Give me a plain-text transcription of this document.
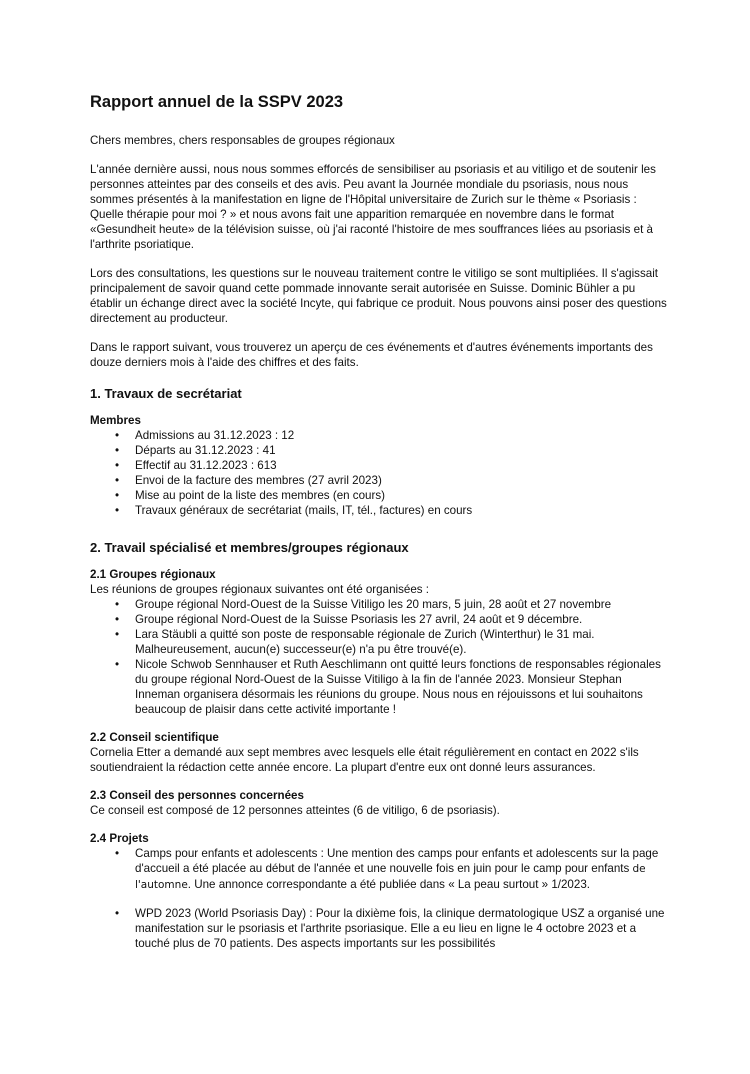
Rapport annuel de la SSPV 2023

Chers membres, chers responsables de groupes régionaux

L'année dernière aussi, nous nous sommes efforcés de sensibiliser au psoriasis et au vitiligo et de soutenir les personnes atteintes par des conseils et des avis. Peu avant la Journée mondiale du psoriasis, nous nous sommes présentés à la manifestation en ligne de l'Hôpital universitaire de Zurich sur le thème « Psoriasis : Quelle thérapie pour moi ? » et nous avons fait une apparition remarquée en novembre dans le format «Gesundheit heute» de la télévision suisse, où j'ai raconté l'histoire de mes souffrances liées au psoriasis et à l'arthrite psoriatique.

Lors des consultations, les questions sur le nouveau traitement contre le vitiligo se sont multipliées. Il s'agissait principalement de savoir quand cette pommade innovante serait autorisée en Suisse. Dominic Bühler a pu établir un échange direct avec la société Incyte, qui fabrique ce produit. Nous pouvons ainsi poser des questions directement au producteur.

Dans le rapport suivant, vous trouverez un aperçu de ces événements et d'autres événements importants des douze derniers mois à l'aide des chiffres et des faits.

1. Travaux de secrétariat
Membres
• Admissions au 31.12.2023 : 12
• Départs au 31.12.2023 : 41
• Effectif au 31.12.2023 : 613
• Envoi de la facture des membres (27 avril 2023)
• Mise au point de la liste des membres (en cours)
• Travaux généraux de secrétariat (mails, IT, tél., factures) en cours
2. Travail spécialisé et membres/groupes régionaux
2.1 Groupes régionaux
Les réunions de groupes régionaux suivantes ont été organisées :
• Groupe régional Nord-Ouest de la Suisse Vitiligo les 20 mars, 5 juin, 28 août et 27 novembre
• Groupe régional Nord-Ouest de la Suisse Psoriasis les 27 avril, 24 août et 9 décembre.
• Lara Stäubli a quitté son poste de responsable régionale de Zurich (Winterthur) le 31 mai. Malheureusement, aucun(e) successeur(e) n'a pu être trouvé(e).
• Nicole Schwob Sennhauser et Ruth Aeschlimann ont quitté leurs fonctions de responsables régionales du groupe régional Nord-Ouest de la Suisse Vitiligo à la fin de l'année 2023. Monsieur Stephan Inneman organisera désormais les réunions du groupe. Nous nous en réjouissons et lui souhaitons beaucoup de plaisir dans cette activité importante !
2.2 Conseil scientifique
Cornelia Etter a demandé aux sept membres avec lesquels elle était régulièrement en contact en 2022 s'ils soutiendraient la rédaction cette année encore. La plupart d'entre eux ont donné leurs assurances.
2.3 Conseil des personnes concernées
Ce conseil est composé de 12 personnes atteintes (6 de vitiligo, 6 de psoriasis).
2.4 Projets
• Camps pour enfants et adolescents : Une mention des camps pour enfants et adolescents sur la page d'accueil a été placée au début de l'année et une nouvelle fois en juin pour le camp pour enfants de l'automne. Une annonce correspondante a été publiée dans « La peau surtout » 1/2023.
• WPD 2023 (World Psoriasis Day) : Pour la dixième fois, la clinique dermatologique USZ a organisé une manifestation sur le psoriasis et l'arthrite psoriasique. Elle a eu lieu en ligne le 4 octobre 2023 et a touché plus de 70 patients. Des aspects importants sur les possibilités
